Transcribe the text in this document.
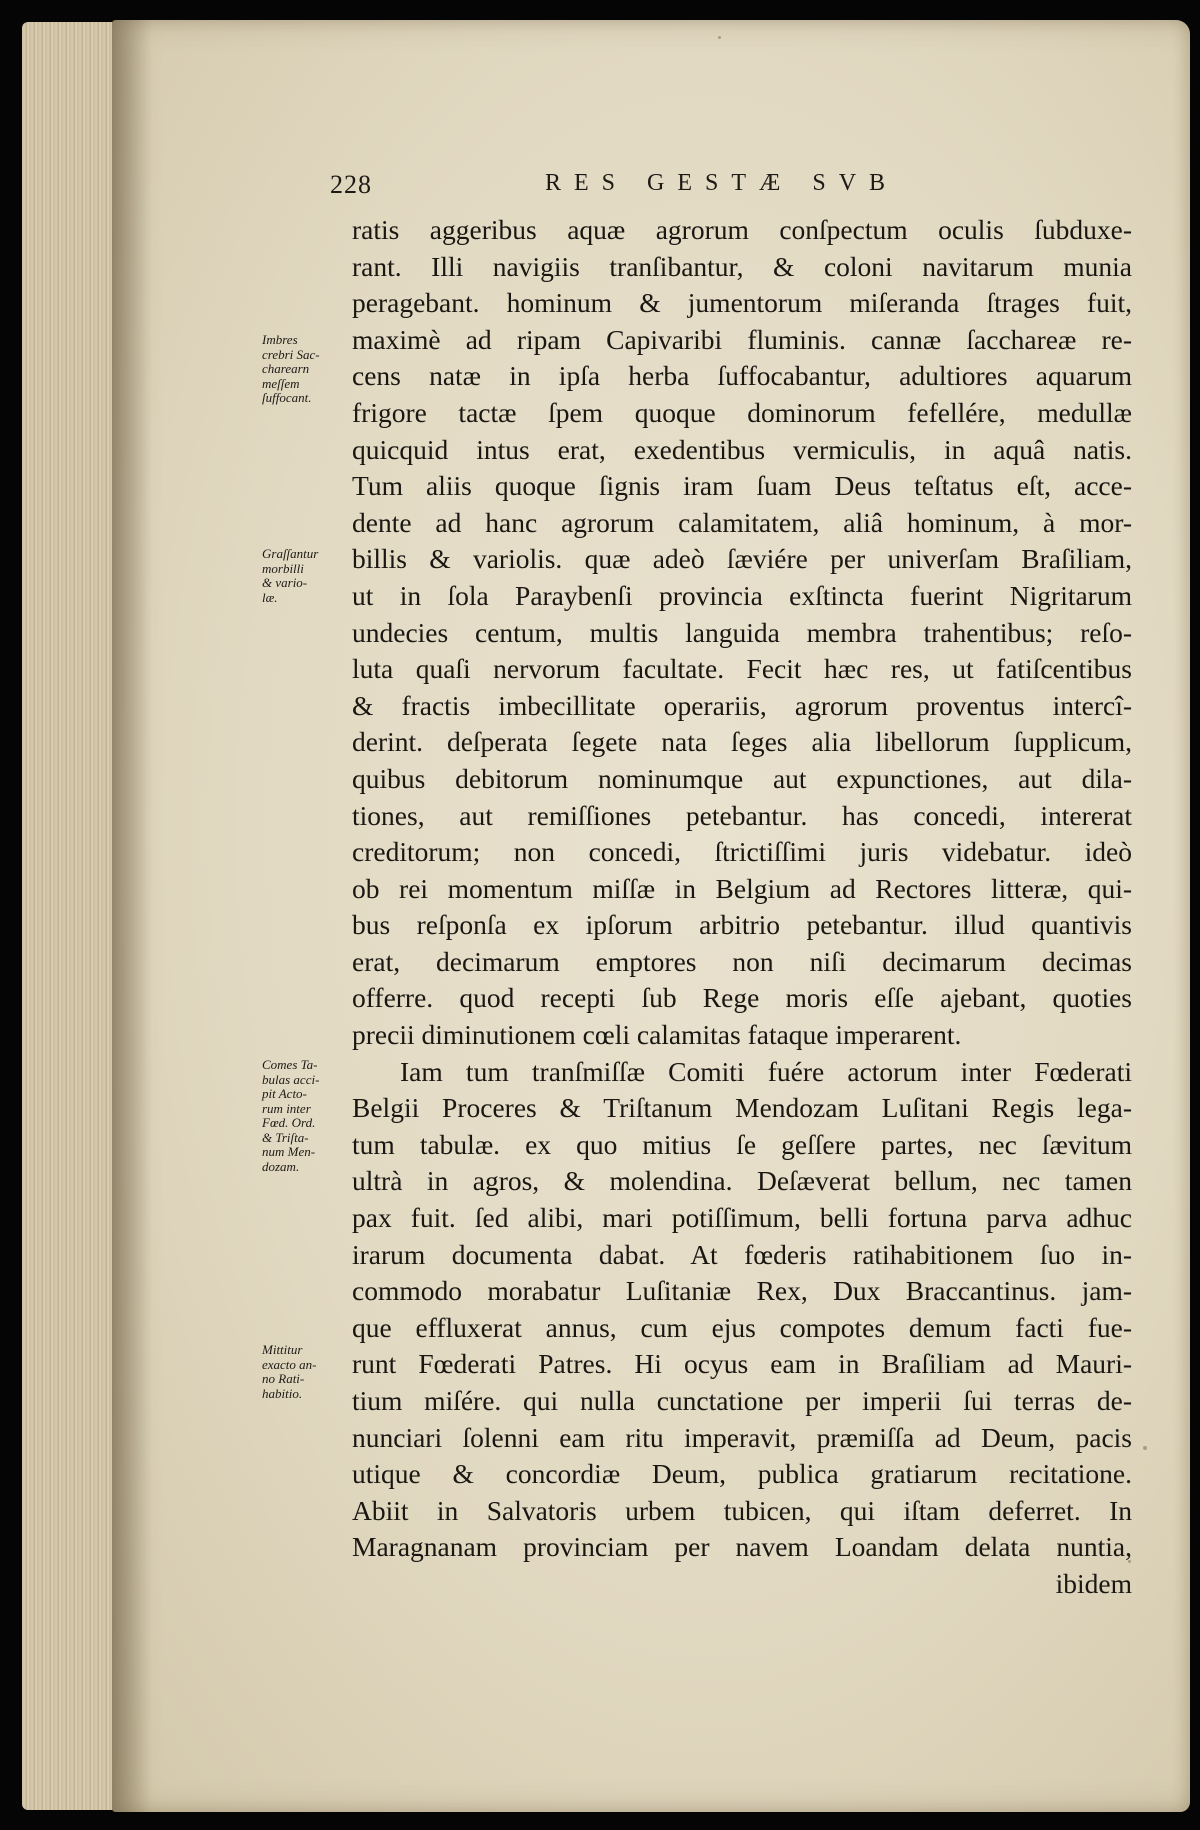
228	RES GESTÆ SVB
ratis aggeribus aquæ agrorum conſpectum oculis ſubduxe-
rant. Illi navigiis tranſibantur, & coloni navitarum munia
peragebant. hominum & jumentorum miſeranda ſtrages fuit,
maximè ad ripam Capivaribi fluminis. cannæ ſacchareæ re-
cens natæ in ipſa herba ſuffocabantur, adultiores aquarum
frigore tactæ ſpem quoque dominorum fefellére, medullæ
quicquid intus erat, exedentibus vermiculis, in aquâ natis.
Tum aliis quoque ſignis iram ſuam Deus teſtatus eſt, acce-
dente ad hanc agrorum calamitatem, aliâ hominum, à mor-
billis & variolis. quæ adeò ſæviére per univerſam Braſiliam,
ut in ſola Paraybenſi provincia exſtincta fuerint Nigritarum
undecies centum, multis languida membra trahentibus; reſo-
luta quaſi nervorum facultate. Fecit hæc res, ut fatiſcentibus
& fractis imbecillitate operariis, agrorum proventus intercî-
derint. deſperata ſegete nata ſeges alia libellorum ſupplicum,
quibus debitorum nominumque aut expunctiones, aut dila-
tiones, aut remiſſiones petebantur. has concedi, intererat
creditorum; non concedi, ſtrictiſſimi juris videbatur. ideò
ob rei momentum miſſæ in Belgium ad Rectores litteræ, qui-
bus reſponſa ex ipſorum arbitrio petebantur. illud quantivis
erat, decimarum emptores non niſi decimarum decimas
offerre. quod recepti ſub Rege moris eſſe ajebant, quoties
precii diminutionem cœli calamitas fataque imperarent.
Iam tum tranſmiſſæ Comiti fuére actorum inter Fœderati
Belgii Proceres & Triſtanum Mendozam Luſitani Regis lega-
tum tabulæ. ex quo mitius ſe geſſere partes, nec ſævitum
ultrà in agros, & molendina. Deſæverat bellum, nec tamen
pax fuit. ſed alibi, mari potiſſimum, belli fortuna parva adhuc
irarum documenta dabat. At fœderis ratihabitionem ſuo in-
commodo morabatur Luſitaniæ Rex, Dux Braccantinus. jam-
que effluxerat annus, cum ejus compotes demum facti fue-
runt Fœderati Patres. Hi ocyus eam in Braſiliam ad Mauri-
tium miſére. qui nulla cunctatione per imperii ſui terras de-
nunciari ſolenni eam ritu imperavit, præmiſſa ad Deum, pacis
utique & concordiæ Deum, publica gratiarum recitatione.
Abiit in Salvatoris urbem tubicen, qui iſtam deferret. In
Maragnanam provinciam per navem Loandam delata nuntia,
ibidem
Imbres
crebri Sac-
charearn
meſſem
ſuffocant.
Graſſantur
morbilli
& vario-
læ.
Comes Ta-
bulas acci-
pit Acto-
rum inter
Fœd. Ord.
& Triſta-
num Men-
dozam.
Mittitur
exacto an-
no Rati-
habitio.
